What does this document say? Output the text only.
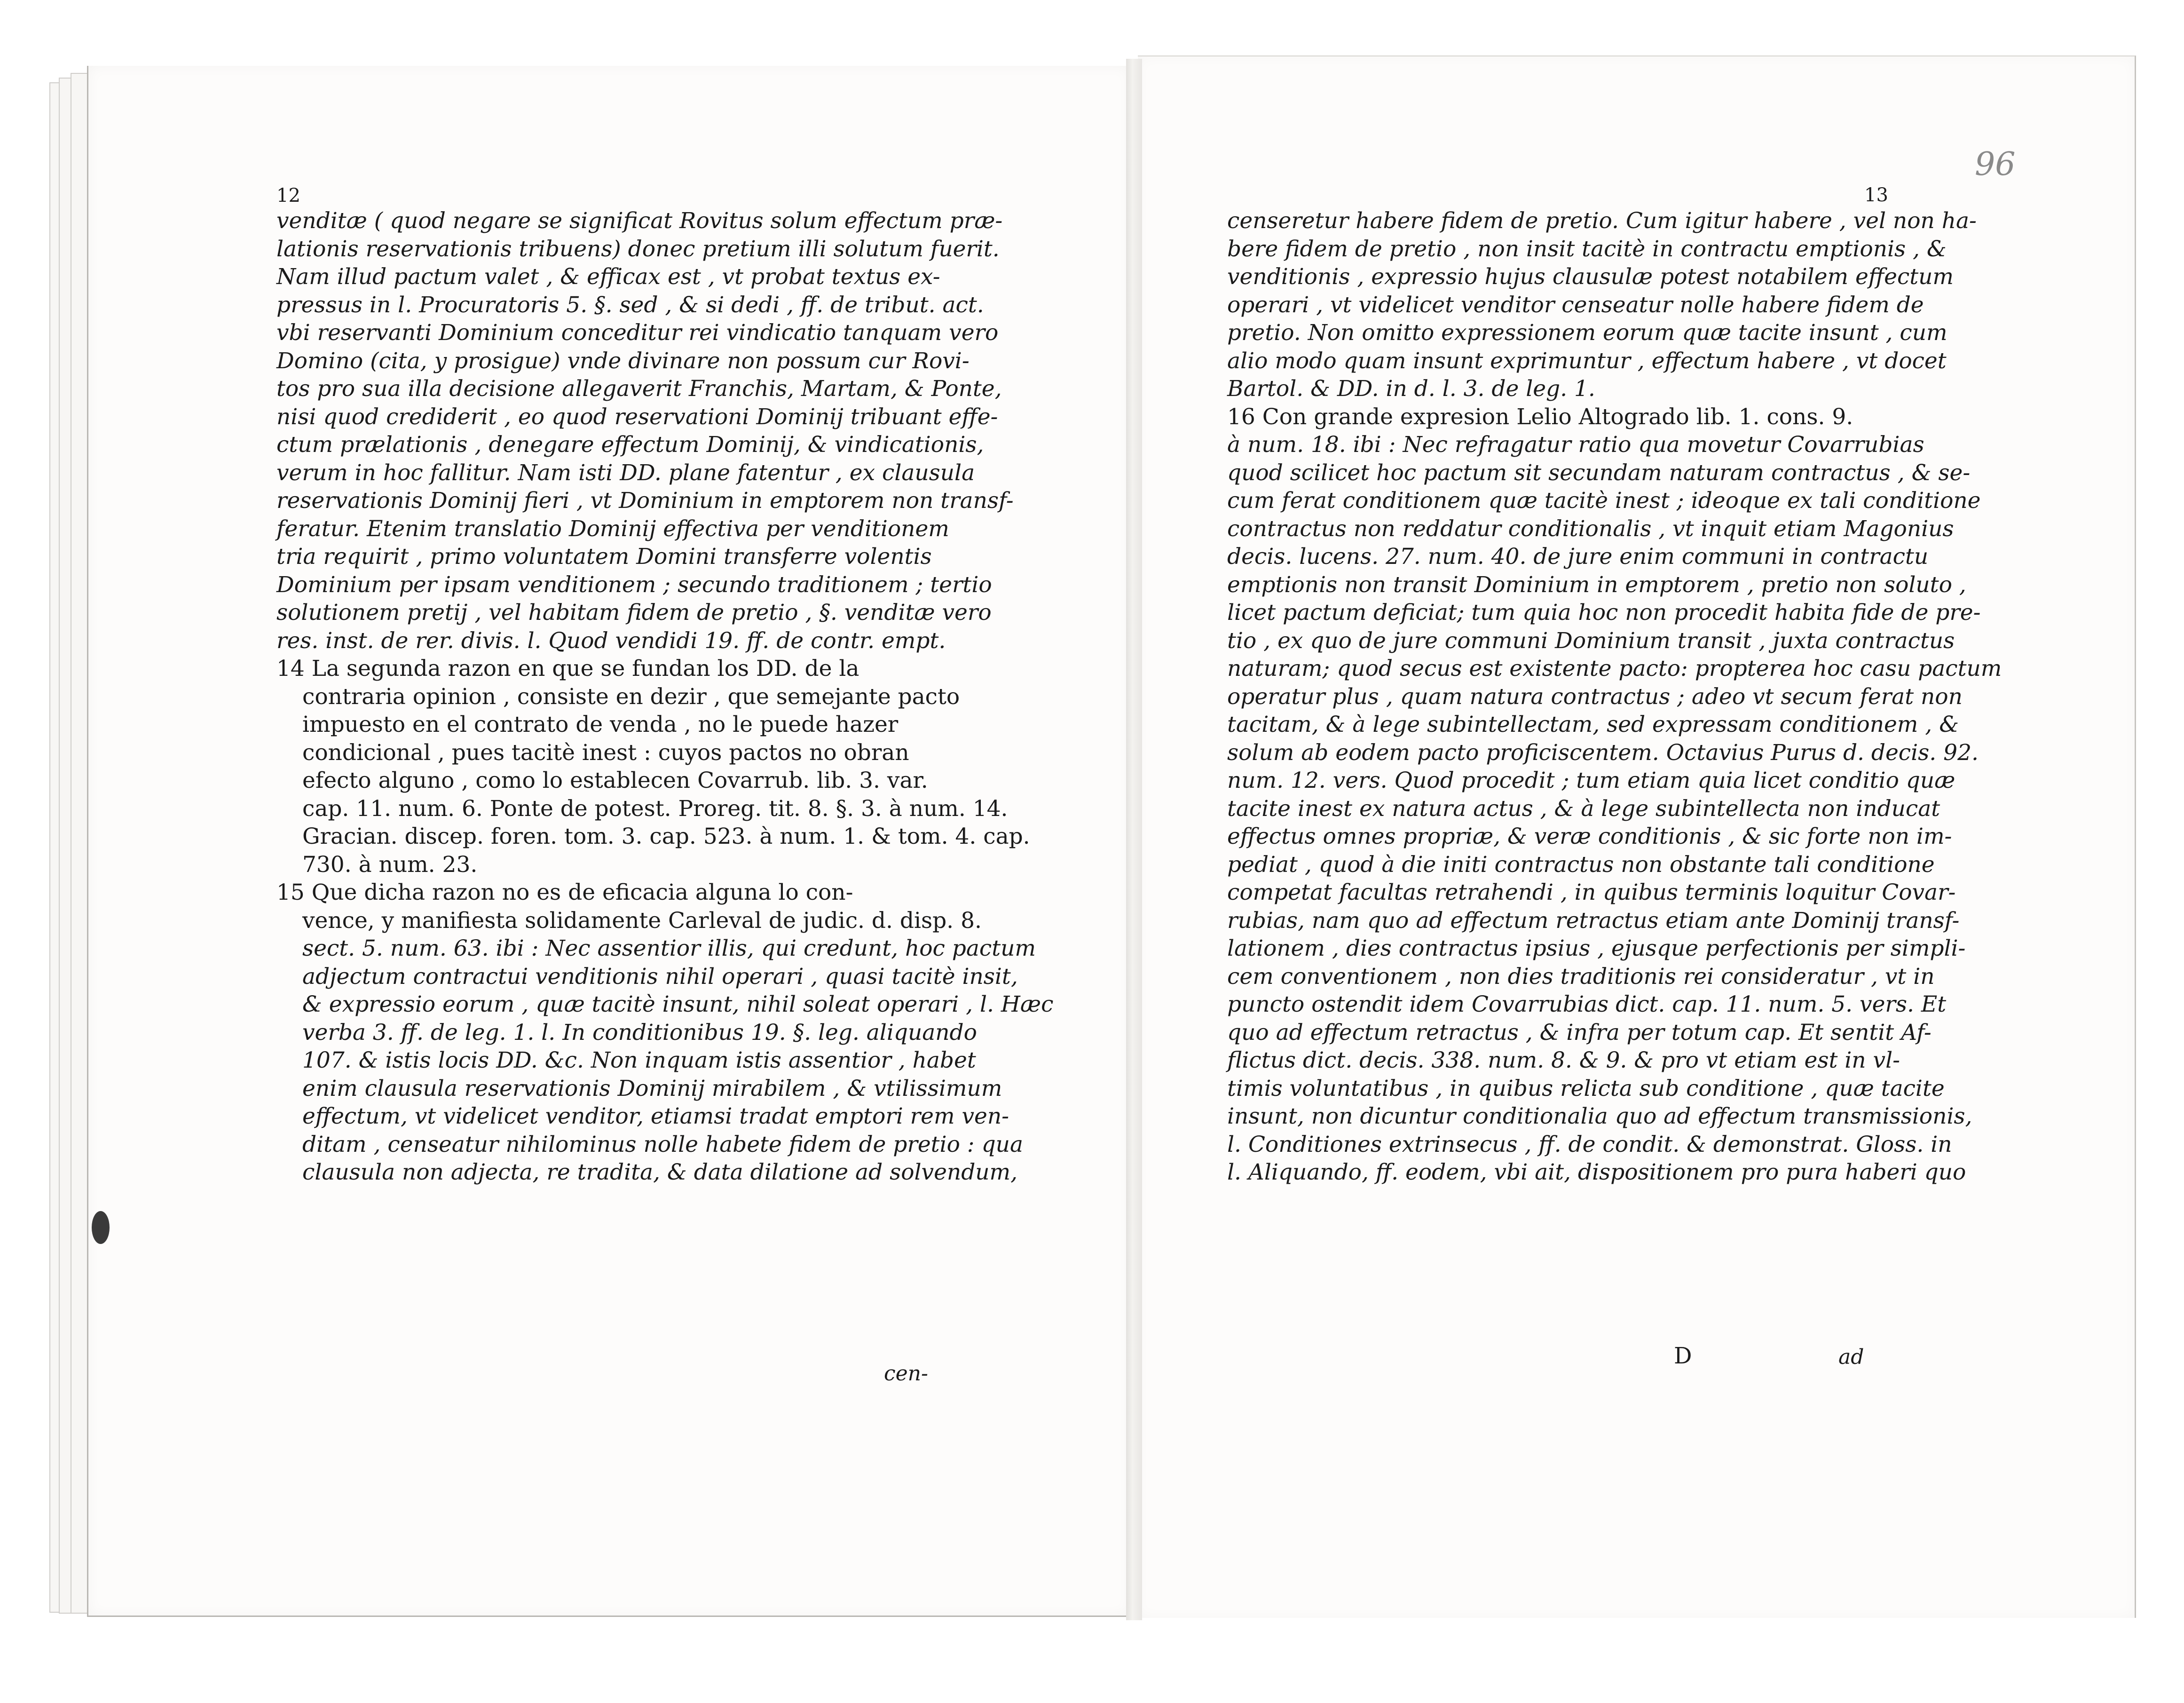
12
venditæ ( quod negare se significat Rovitus solum effectum præ-
lationis reservationis tribuens) donec pretium illi solutum fuerit.
Nam illud pactum valet , & efficax est , vt probat textus ex-
pressus in l. Procuratoris 5. §. sed , & si dedi , ff. de tribut. act.
vbi reservanti Dominium conceditur rei vindicatio tanquam vero
Domino (cita, y prosigue) vnde divinare non possum cur Rovi-
tos pro sua illa decisione allegaverit Franchis, Martam, & Ponte,
nisi quod crediderit , eo quod reservationi Dominij tribuant effe-
ctum prælationis , denegare effectum Dominij, & vindicationis,
verum in hoc fallitur. Nam isti DD. plane fatentur , ex clausula
reservationis Dominij fieri , vt Dominium in emptorem non transf-
feratur. Etenim translatio Dominij effectiva per venditionem
tria requirit , primo voluntatem Domini transferre volentis
Dominium per ipsam venditionem ; secundo traditionem ; tertio
solutionem pretij , vel habitam fidem de pretio , §. venditæ vero
res. inst. de rer. divis. l. Quod vendidi 19. ff. de contr. empt.
14 La segunda razon en que se fundan los DD. de la
contraria opinion , consiste en dezir , que semejante pacto
impuesto en el contrato de venda , no le puede hazer
condicional , pues tacitè inest : cuyos pactos no obran
efecto alguno , como lo establecen Covarrub. lib. 3. var.
cap. 11. num. 6. Ponte de potest. Proreg. tit. 8. §. 3. à num. 14.
Gracian. discep. foren. tom. 3. cap. 523. à num. 1. & tom. 4. cap.
730. à num. 23.
15 Que dicha razon no es de eficacia alguna lo con-
vence, y manifiesta solidamente Carleval de judic. d. disp. 8.
sect. 5. num. 63. ibi : Nec assentior illis, qui credunt, hoc pactum
adjectum contractui venditionis nihil operari , quasi tacitè insit,
& expressio eorum , quæ tacitè insunt, nihil soleat operari , l. Hæc
verba 3. ff. de leg. 1. l. In conditionibus 19. §. leg. aliquando
107. & istis locis DD. &c. Non inquam istis assentior , habet
enim clausula reservationis Dominij mirabilem , & vtilissimum
effectum, vt videlicet venditor, etiamsi tradat emptori rem ven-
ditam , censeatur nihilominus nolle habete fidem de pretio : qua
clausula non adjecta, re tradita, & data dilatione ad solvendum,
cen-
96
13
censeretur habere fidem de pretio. Cum igitur habere , vel non ha-
bere fidem de pretio , non insit tacitè in contractu emptionis , &
venditionis , expressio hujus clausulæ potest notabilem effectum
operari , vt videlicet venditor censeatur nolle habere fidem de
pretio. Non omitto expressionem eorum quæ tacite insunt , cum
alio modo quam insunt exprimuntur , effectum habere , vt docet
Bartol. & DD. in d. l. 3. de leg. 1.
16 Con grande expresion Lelio Altogrado lib. 1. cons. 9.
à num. 18. ibi : Nec refragatur ratio qua movetur Covarrubias
quod scilicet hoc pactum sit secundam naturam contractus , & se-
cum ferat conditionem quæ tacitè inest ; ideoque ex tali conditione
contractus non reddatur conditionalis , vt inquit etiam Magonius
decis. lucens. 27. num. 40. de jure enim communi in contractu
emptionis non transit Dominium in emptorem , pretio non soluto ,
licet pactum deficiat; tum quia hoc non procedit habita fide de pre-
tio , ex quo de jure communi Dominium transit , juxta contractus
naturam; quod secus est existente pacto: propterea hoc casu pactum
operatur plus , quam natura contractus ; adeo vt secum ferat non
tacitam, & à lege subintellectam, sed expressam conditionem , &
solum ab eodem pacto proficiscentem. Octavius Purus d. decis. 92.
num. 12. vers. Quod procedit ; tum etiam quia licet conditio quæ
tacite inest ex natura actus , & à lege subintellecta non inducat
effectus omnes propriæ, & veræ conditionis , & sic forte non im-
pediat , quod à die initi contractus non obstante tali conditione
competat facultas retrahendi , in quibus terminis loquitur Covar-
rubias, nam quo ad effectum retractus etiam ante Dominij transf-
lationem , dies contractus ipsius , ejusque perfectionis per simpli-
cem conventionem , non dies traditionis rei consideratur , vt in
puncto ostendit idem Covarrubias dict. cap. 11. num. 5. vers. Et
quo ad effectum retractus , & infra per totum cap. Et sentit Af-
flictus dict. decis. 338. num. 8. & 9. & pro vt etiam est in vl-
timis voluntatibus , in quibus relicta sub conditione , quæ tacite
insunt, non dicuntur conditionalia quo ad effectum transmissionis,
l. Conditiones extrinsecus , ff. de condit. & demonstrat. Gloss. in
l. Aliquando, ff. eodem, vbi ait, dispositionem pro pura haberi quo
D	ad
